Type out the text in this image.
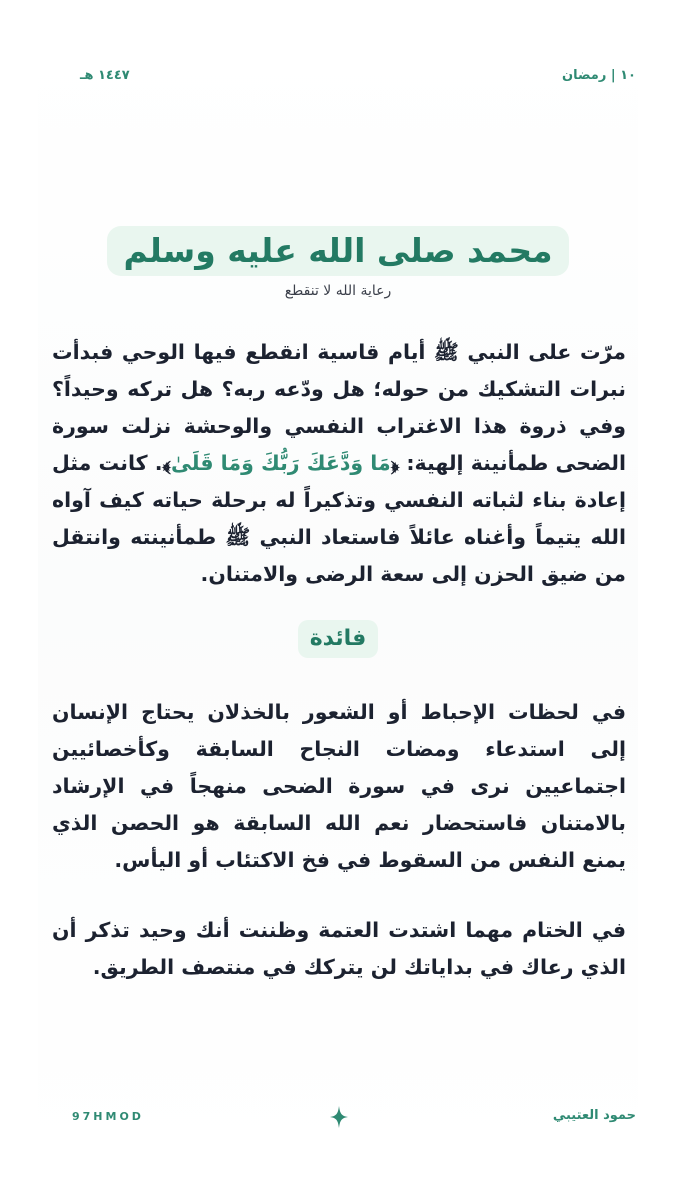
١٠ | رمضان
١٤٤٧ هـ
محمد صلى الله عليه وسلم
رعاية الله لا تنقطع

مرّت على النبي ﷺ أيام قاسية انقطع فيها الوحي فبدأت نبرات التشكيك من حوله؛ هل ودّعه ربه؟ هل تركه وحيداً؟ وفي ذروة هذا الاغتراب النفسي والوحشة نزلت سورة الضحى طمأنينة إلهية: ﴿مَا وَدَّعَكَ رَبُّكَ وَمَا قَلَىٰ﴾. كانت مثل إعادة بناء لثباته النفسي وتذكيراً له برحلة حياته كيف آواه الله يتيماً وأغناه عائلاً فاستعاد النبي ﷺ طمأنينته وانتقل من ضيق الحزن إلى سعة الرضى والامتنان.

فائدة

في لحظات الإحباط أو الشعور بالخذلان يحتاج الإنسان إلى استدعاء ومضات النجاح السابقة وكأخصائيين اجتماعيين نرى في سورة الضحى منهجاً في الإرشاد بالامتنان فاستحضار نعم الله السابقة هو الحصن الذي يمنع النفس من السقوط في فخ الاكتئاب أو اليأس.

في الختام مهما اشتدت العتمة وظننت أنك وحيد تذكر أن الذي رعاك في بداياتك لن يتركك في منتصف الطريق.

97HMOD	حمود العتيبي
